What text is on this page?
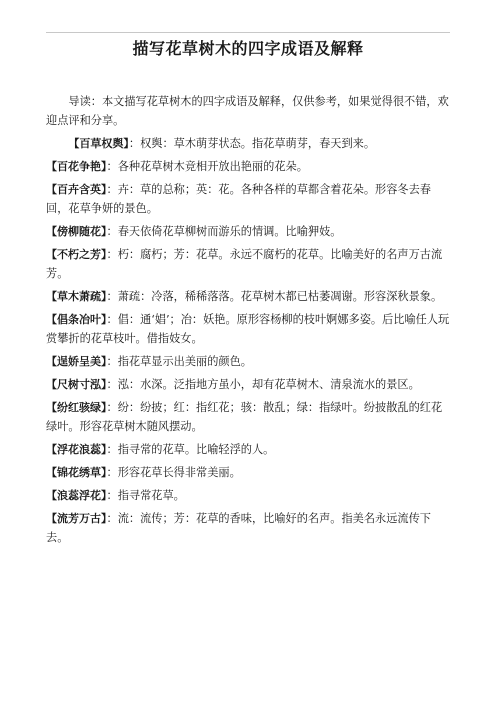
描写花草树木的四字成语及解释

导读：本文描写花草树木的四字成语及解释，仅供参考，如果觉得很不错，欢迎点评和分享。

【百草权舆】：权舆：草木萌芽状态。指花草萌芽，春天到来。

【百花争艳】：各种花草树木竞相开放出艳丽的花朵。

【百卉含英】：卉：草的总称；英：花。各种各样的草都含着花朵。形容冬去春回，花草争妍的景色。

【傍柳随花】：春天依倚花草柳树而游乐的情调。比喻狎妓。

【不朽之芳】：朽：腐朽；芳：花草。永远不腐朽的花草。比喻美好的名声万古流芳。

【草木萧疏】：萧疏：冷落，稀稀落落。花草树木都已枯萎凋谢。形容深秋景象。

【倡条冶叶】：倡：通‘娼’；冶：妖艳。原形容杨柳的枝叶婀娜多姿。后比喻任人玩赏攀折的花草枝叶。借指妓女。

【逞娇呈美】：指花草显示出美丽的颜色。

【尺树寸泓】：泓：水深。泛指地方虽小，却有花草树木、清泉流水的景区。

【纷红骇绿】：纷：纷披；红：指红花；骇：散乱；绿：指绿叶。纷披散乱的红花绿叶。形容花草树木随风摆动。

【浮花浪蕊】：指寻常的花草。比喻轻浮的人。

【锦花绣草】：形容花草长得非常美丽。

【浪蕊浮花】：指寻常花草。

【流芳万古】：流：流传；芳：花草的香味，比喻好的名声。指美名永远流传下去。
